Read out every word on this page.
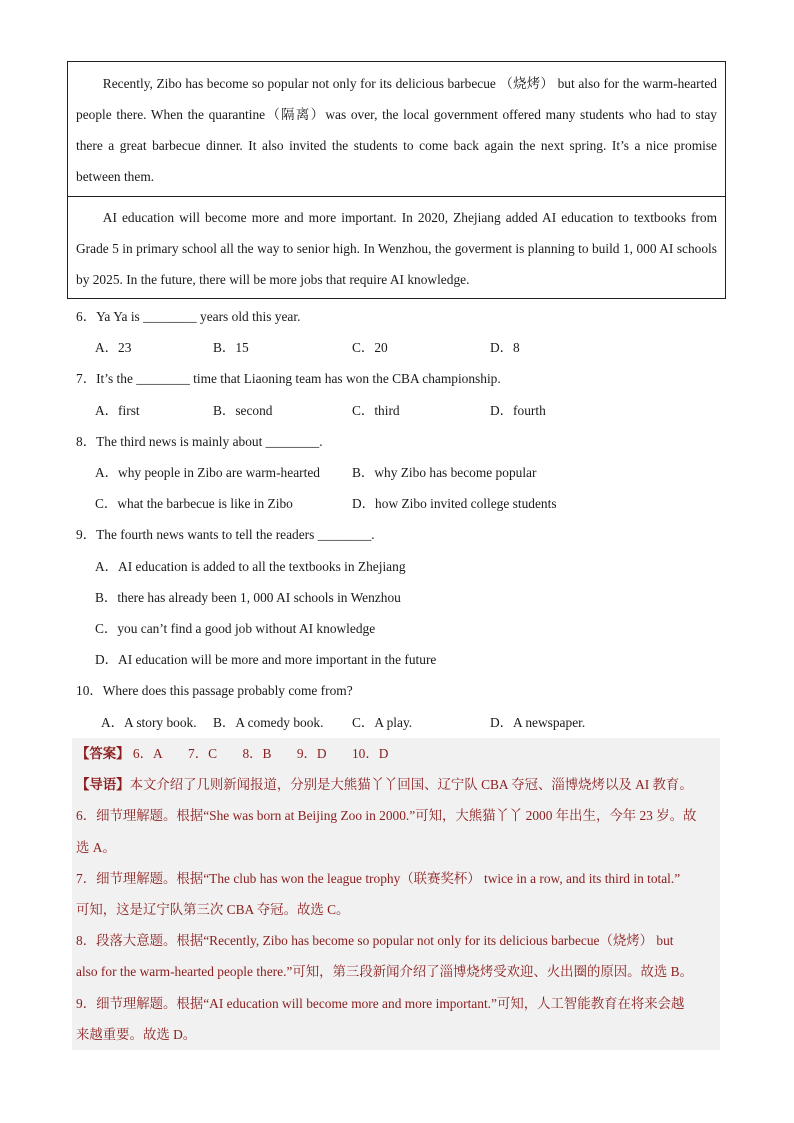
Recently, Zibo has become so popular not only for its delicious barbecue （烧烤） but also for the warm-hearted people there. When the quarantine（隔离）was over, the local government offered many students who had to stay there a great barbecue dinner. It also invited the students to come back again the next spring. It’s a nice promise between them.

AI education will become more and more important. In 2020, Zhejiang added AI education to textbooks from Grade 5 in primary school all the way to senior high. In Wenzhou, the goverment is planning to build 1, 000 AI schools by 2025. In the future, there will be more jobs that require AI knowledge.

6．Ya Ya is ________ years old this year.
A．23	B．15	C．20	D．8
7．It’s the ________ time that Liaoning team has won the CBA championship.
A．first	B．second	C．third	D．fourth
8．The third news is mainly about ________.
A．why people in Zibo are warm-hearted B．why Zibo has become popular
C．what the barbecue is like in Zibo	D．how Zibo invited college students
9．The fourth news wants to tell the readers ________.
A．AI education is added to all the textbooks in Zhejiang
B．there has already been 1, 000 AI schools in Wenzhou
C．you can’t find a good job without AI knowledge
D．AI education will be more and more important in the future
10．Where does this passage probably come from?
A．A story book. B．A comedy book. C．A play.	D．A newspaper.
【答案】 6．A 7．C 8．B 9．D 10．D
【导语】本文介绍了几则新闻报道，分别是大熊猫丫丫回国、辽宁队 CBA 夺冠、淄博烧烤以及 AI 教育。
6．细节理解题。根据“She was born at Beijing Zoo in 2000.”可知，大熊猫丫丫 2000 年出生，今年 23 岁。故
选 A。
7．细节理解题。根据“The club has won the league trophy（联赛奖杯） twice in a row, and its third in total.”
可知，这是辽宁队第三次 CBA 夺冠。故选 C。
8．段落大意题。根据“Recently, Zibo has become so popular not only for its delicious barbecue（烧烤） but
also for the warm-hearted people there.”可知，第三段新闻介绍了淄博烧烤受欢迎、火出圈的原因。故选 B。
9．细节理解题。根据“AI education will become more and more important.”可知，人工智能教育在将来会越
来越重要。故选 D。
